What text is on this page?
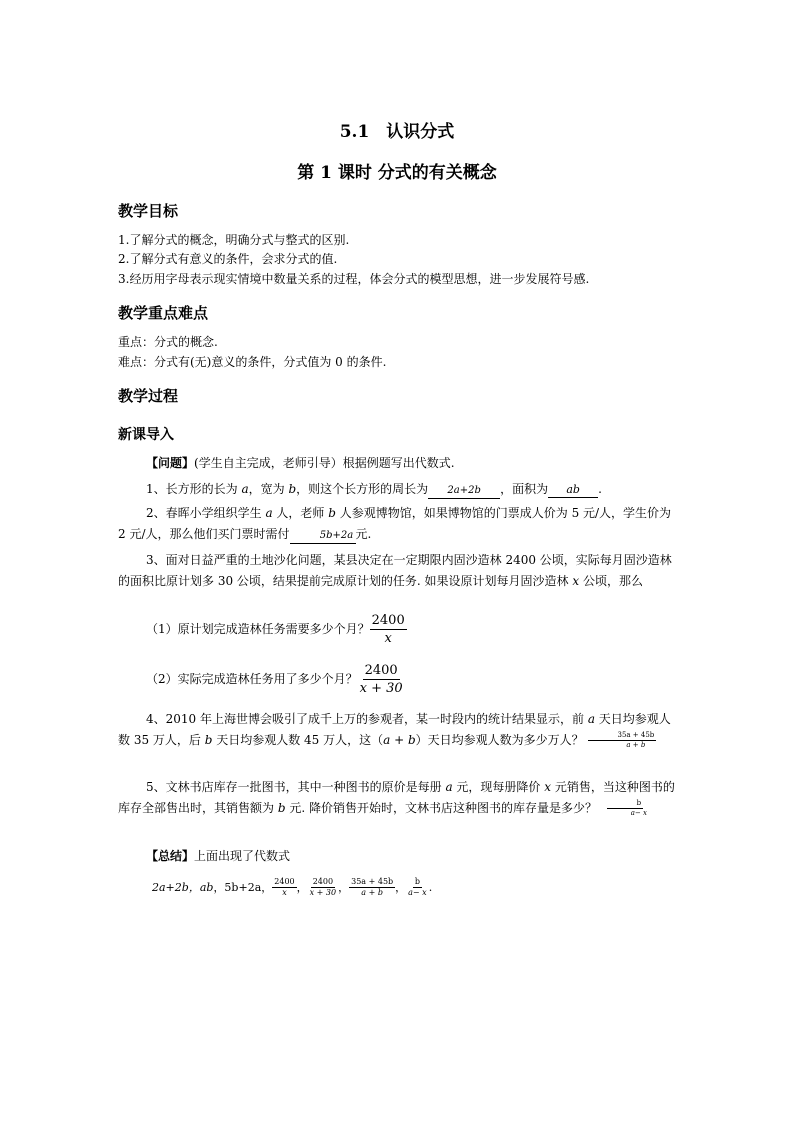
5.1　认识分式
第 1 课时 分式的有关概念
教学目标
1.了解分式的概念，明确分式与整式的区别.
2.了解分式有意义的条件，会求分式的值.
3.经历用字母表示现实情境中数量关系的过程，体会分式的模型思想，进一步发展符号感.
教学重点难点
重点：分式的概念.
难点：分式有(无)意义的条件，分式值为 0 的条件.
教学过程
新课导入
【问题】(学生自主完成，老师引导）根据例题写出代数式.
1、长方形的长为 a，宽为 b，则这个长方形的周长为 2a+2b ，面积为 ab .
2、春晖小学组织学生 a 人，老师 b 人参观博物馆，如果博物馆的门票成人价为 5 元/人，学生价为 2 元/人，那么他们买门票时需付	5b+2a 元.
3、面对日益严重的土地沙化问题，某县决定在一定期限内固沙造林 2400 公顷，实际每月固沙造林的面积比原计划多 30 公顷，结果提前完成原计划的任务. 如果设原计划每月固沙造林 x 公顷，那么
（1）原计划完成造林任务需要多少个月？ $\frac{2400}{x}$
（2）实际完成造林任务用了多少个月？ $\frac{2400}{x + 30}$
4、2010 年上海世博会吸引了成千上万的参观者，某一时段内的统计结果显示，前 a 天日均参观人数 35 万人，后 b 天日均参观人数 45 万人，这（a + b）天日均参观人数为多少万人？ $\frac{35a + 45b}{a + b}$
5、文林书店库存一批图书，其中一种图书的原价是每册 a 元，现每册降价 x 元销售，当这种图书的库存全部售出时，其销售额为 b 元. 降价销售开始时，文林书店这种图书的库存量是多少？ $\frac{b}{a- x}$
【总结】上面出现了代数式
2a+2b， ab ，5b+2a， $\frac{2400}{x}$ ， $\frac{2400}{x + 30}$ ， $\frac{35a + 45b}{a + b}$ ， $\frac{b}{a- x}$ .
